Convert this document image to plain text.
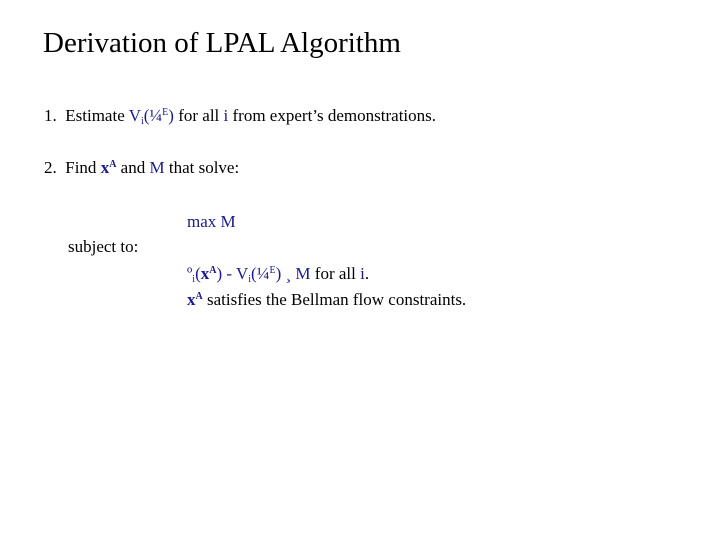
Derivation of LPAL Algorithm
1. Estimate $V_i(\frac{1}{4}^E)$ for all i from expert’s demonstrations.
2. Find $x^A$ and M that solve:
max M
subject to:
$º_i(x^A)$ - $V_i(\frac{1}{4}^E)$ ¸ M for all i.
$x^A$ satisfies the Bellman flow constraints.
